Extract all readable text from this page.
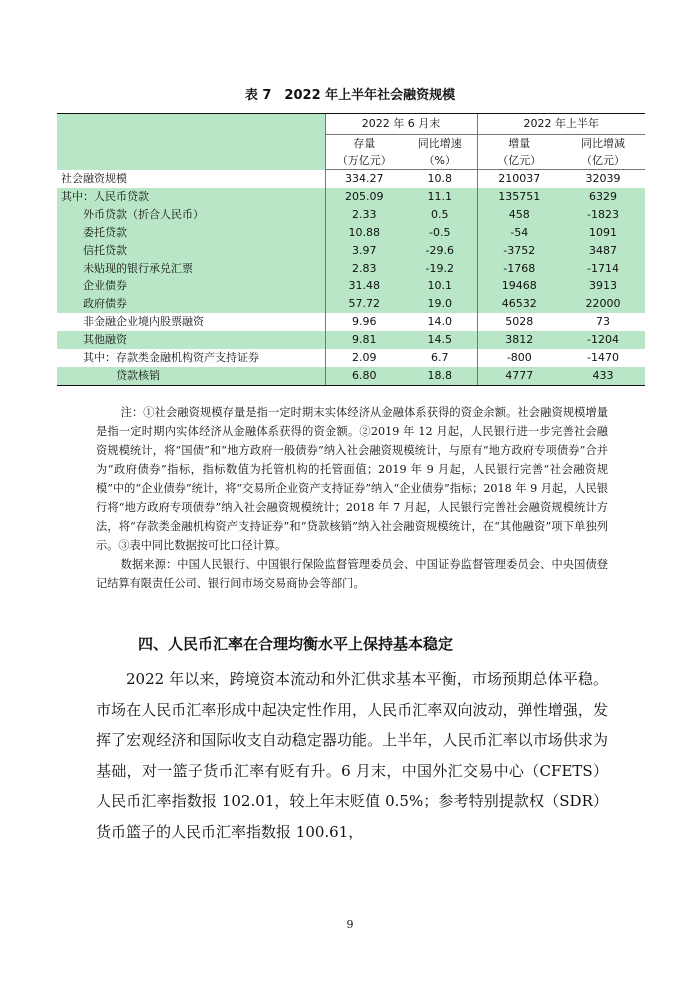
表 7　2022 年上半年社会融资规模
	2022 年 6 月末		2022 年上半年	
	存量	同比增速	增量	同比增减
	（万亿元）	（%）	（亿元）	（亿元）
社会融资规模	334.27	10.8	210037	32039
其中：人民币贷款	205.09	11.1	135751	6329
　　外币贷款（折合人民币）	2.33	0.5	458	-1823
　　委托贷款	10.88	-0.5	-54	1091
　　信托贷款	3.97	-29.6	-3752	3487
　　未贴现的银行承兑汇票	2.83	-19.2	-1768	-1714
　　企业债券	31.48	10.1	19468	3913
　　政府债券	57.72	19.0	46532	22000
　　非金融企业境内股票融资	9.96	14.0	5028	73
　　其他融资	9.81	14.5	3812	-1204
　　其中：存款类金融机构资产支持证券	2.09	6.7	-800	-1470
　　　　　贷款核销	6.80	18.8	4777	433

注：①社会融资规模存量是指一定时期末实体经济从金融体系获得的资金余额。社会融资规模增量是指一定时期内实体经济从金融体系获得的资金额。②2019 年 12 月起，人民银行进一步完善社会融资规模统计，将“国债”和“地方政府一般债券”纳入社会融资规模统计，与原有“地方政府专项债券”合并为“政府债券”指标，指标数值为托管机构的托管面值；2019 年 9 月起，人民银行完善“社会融资规模”中的“企业债券”统计，将“交易所企业资产支持证券”纳入“企业债券”指标；2018 年 9 月起，人民银行将“地方政府专项债券”纳入社会融资规模统计；2018 年 7 月起，人民银行完善社会融资规模统计方法，将“存款类金融机构资产支持证券”和“贷款核销”纳入社会融资规模统计，在“其他融资”项下单独列示。③表中同比数据按可比口径计算。

数据来源：中国人民银行、中国银行保险监督管理委员会、中国证券监督管理委员会、中央国债登记结算有限责任公司、银行间市场交易商协会等部门。

四、人民币汇率在合理均衡水平上保持基本稳定

2022 年以来，跨境资本流动和外汇供求基本平衡，市场预期总体平稳。市场在人民币汇率形成中起决定性作用，人民币汇率双向波动，弹性增强，发挥了宏观经济和国际收支自动稳定器功能。上半年，人民币汇率以市场供求为基础，对一篮子货币汇率有贬有升。6 月末，中国外汇交易中心（CFETS）人民币汇率指数报 102.01，较上年末贬值 0.5%；参考特别提款权（SDR）货币篮子的人民币汇率指数报 100.61，

9
